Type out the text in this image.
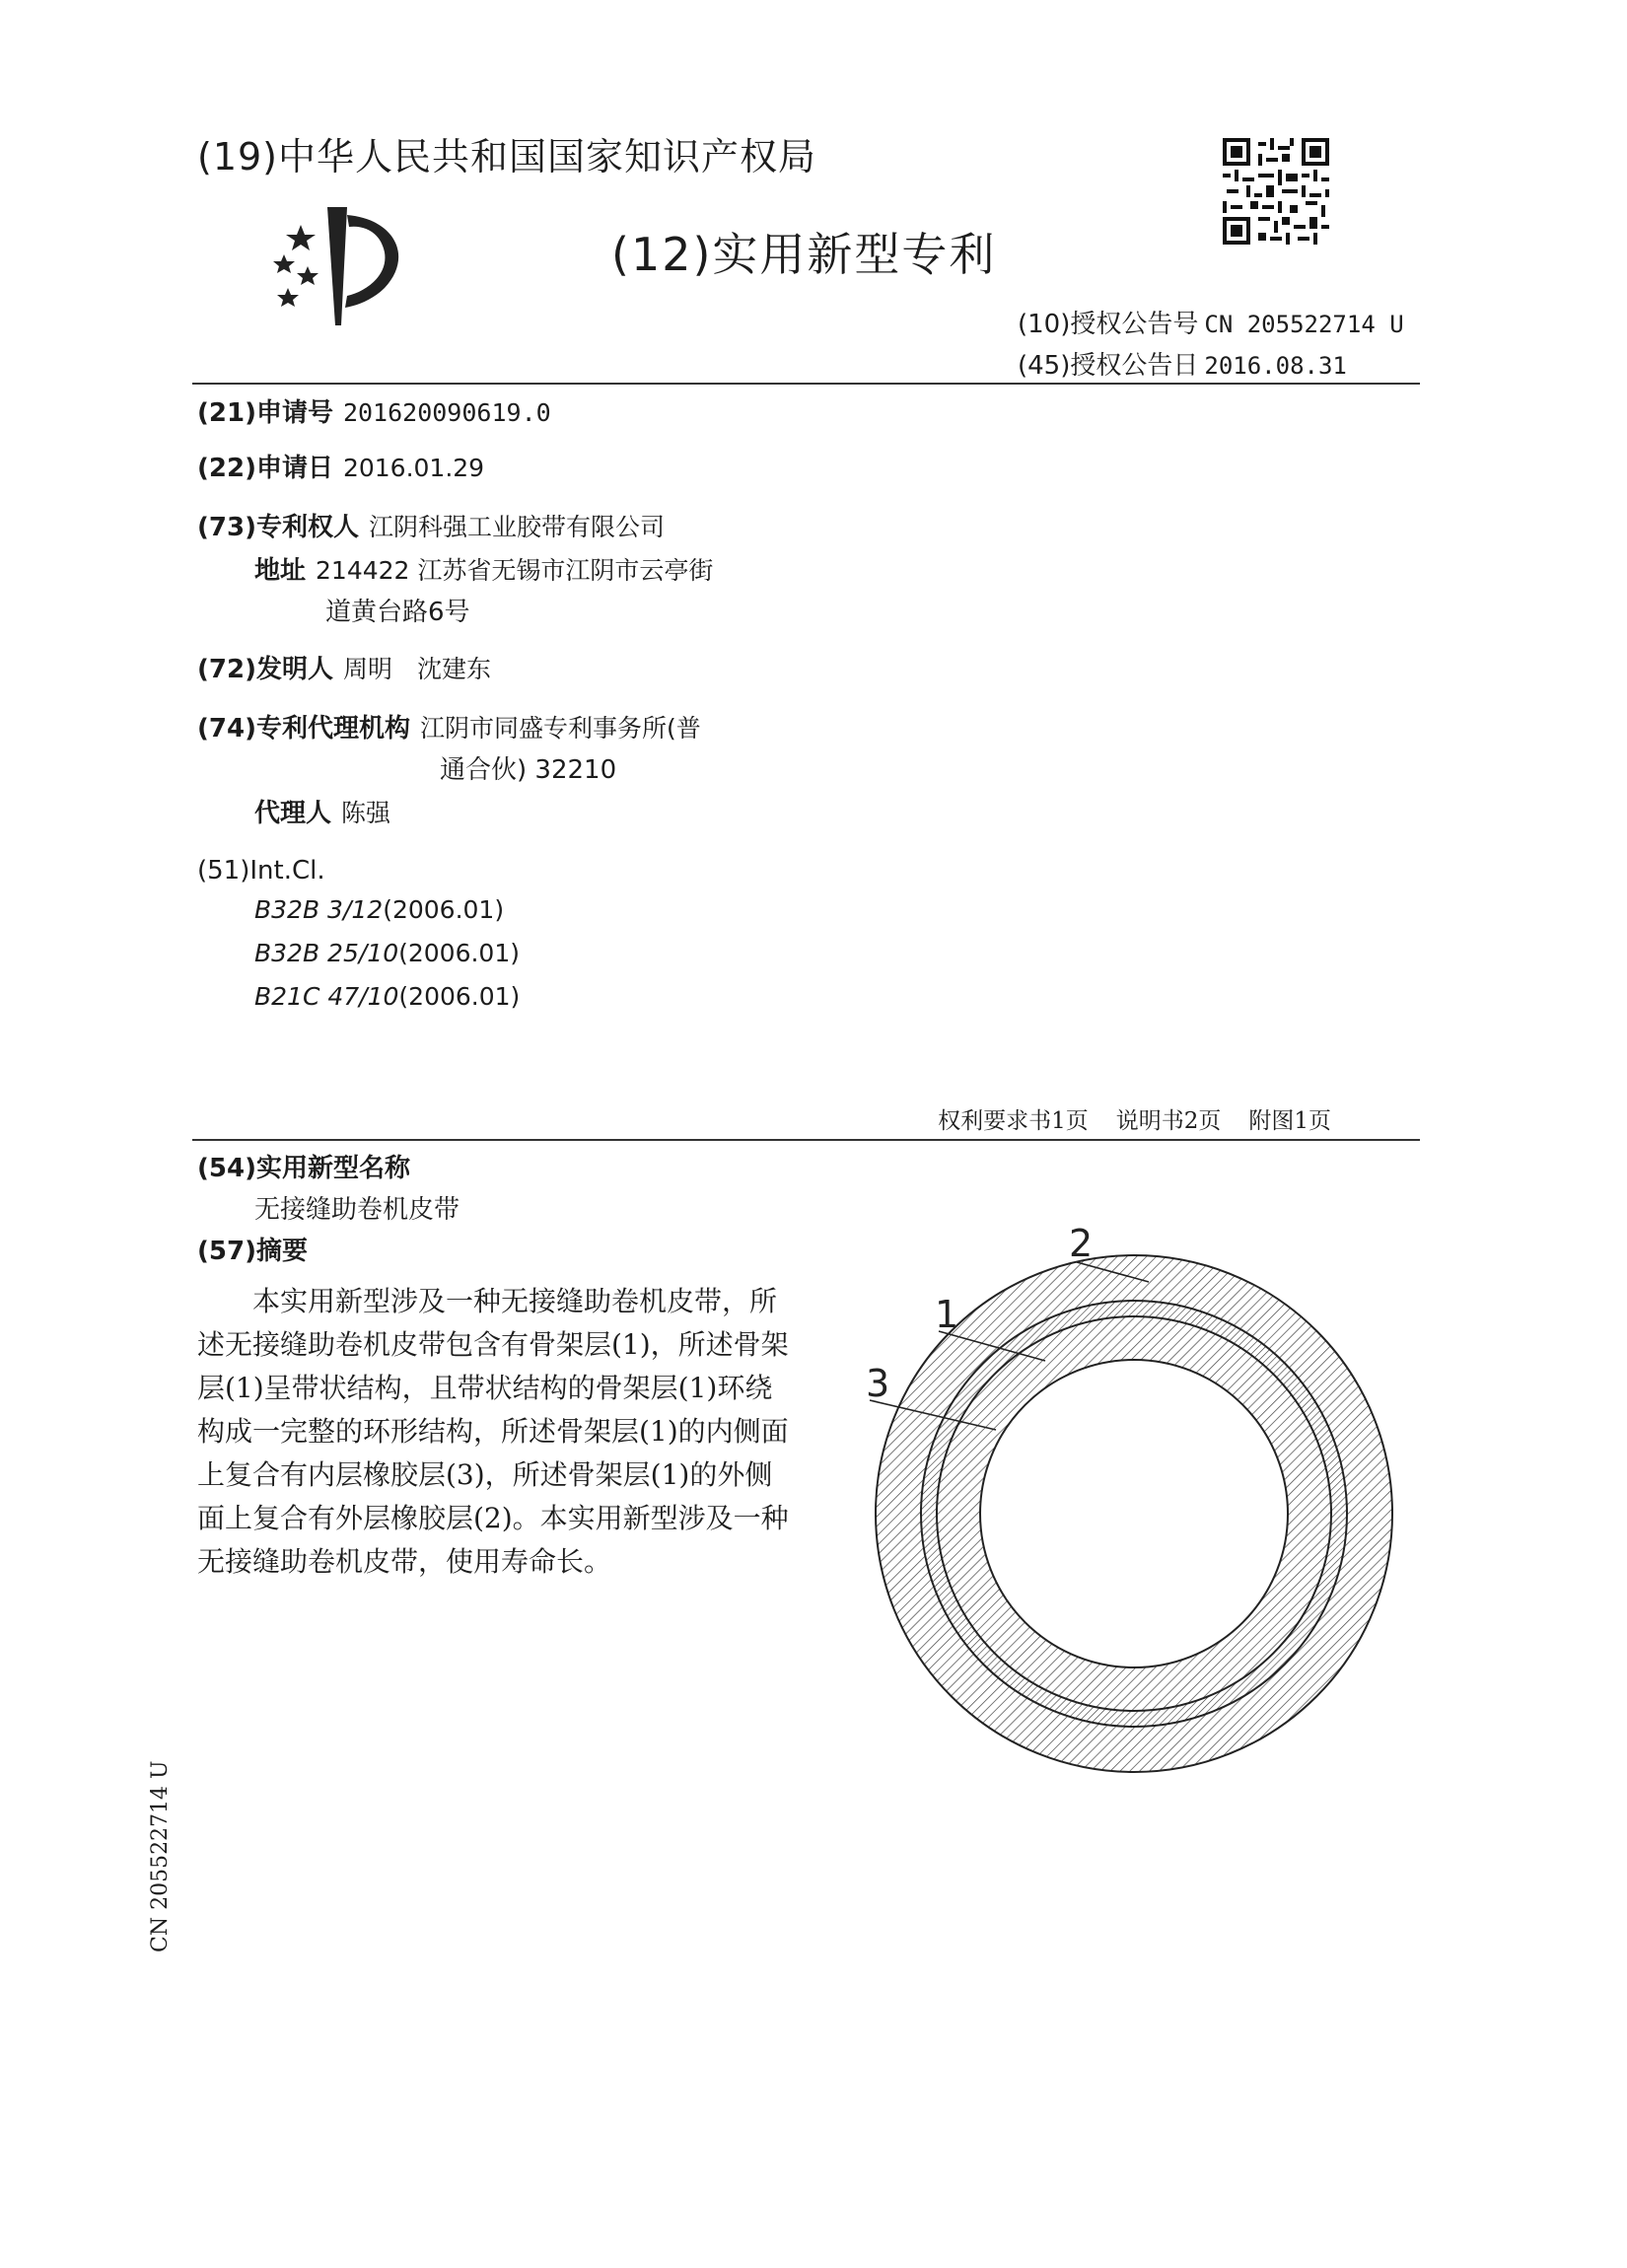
(19)中华人民共和国国家知识产权局
(12)实用新型专利
(10)授权公告号 CN 205522714 U
(45)授权公告日 2016.08.31
(21)申请号 201620090619.0
(22)申请日 2016.01.29
(73)专利权人 江阴科强工业胶带有限公司
地址 214422 江苏省无锡市江阴市云亭街
道黄台路6号
(72)发明人 周明　沈建东
(74)专利代理机构 江阴市同盛专利事务所(普
通合伙) 32210
代理人 陈强
(51)Int.Cl.
B32B 3/12(2006.01)
B32B 25/10(2006.01)
B21C 47/10(2006.01)
权利要求书1页 说明书2页 附图1页
(54)实用新型名称
无接缝助卷机皮带
(57)摘要
本实用新型涉及一种无接缝助卷机皮带，所述无接缝助卷机皮带包含有骨架层(1)，所述骨架层(1)呈带状结构，且带状结构的骨架层(1)环绕构成一完整的环形结构，所述骨架层(1)的内侧面上复合有内层橡胶层(3)，所述骨架层(1)的外侧面上复合有外层橡胶层(2)。本实用新型涉及一种无接缝助卷机皮带，使用寿命长。
2
1
3
CN 205522714 U
